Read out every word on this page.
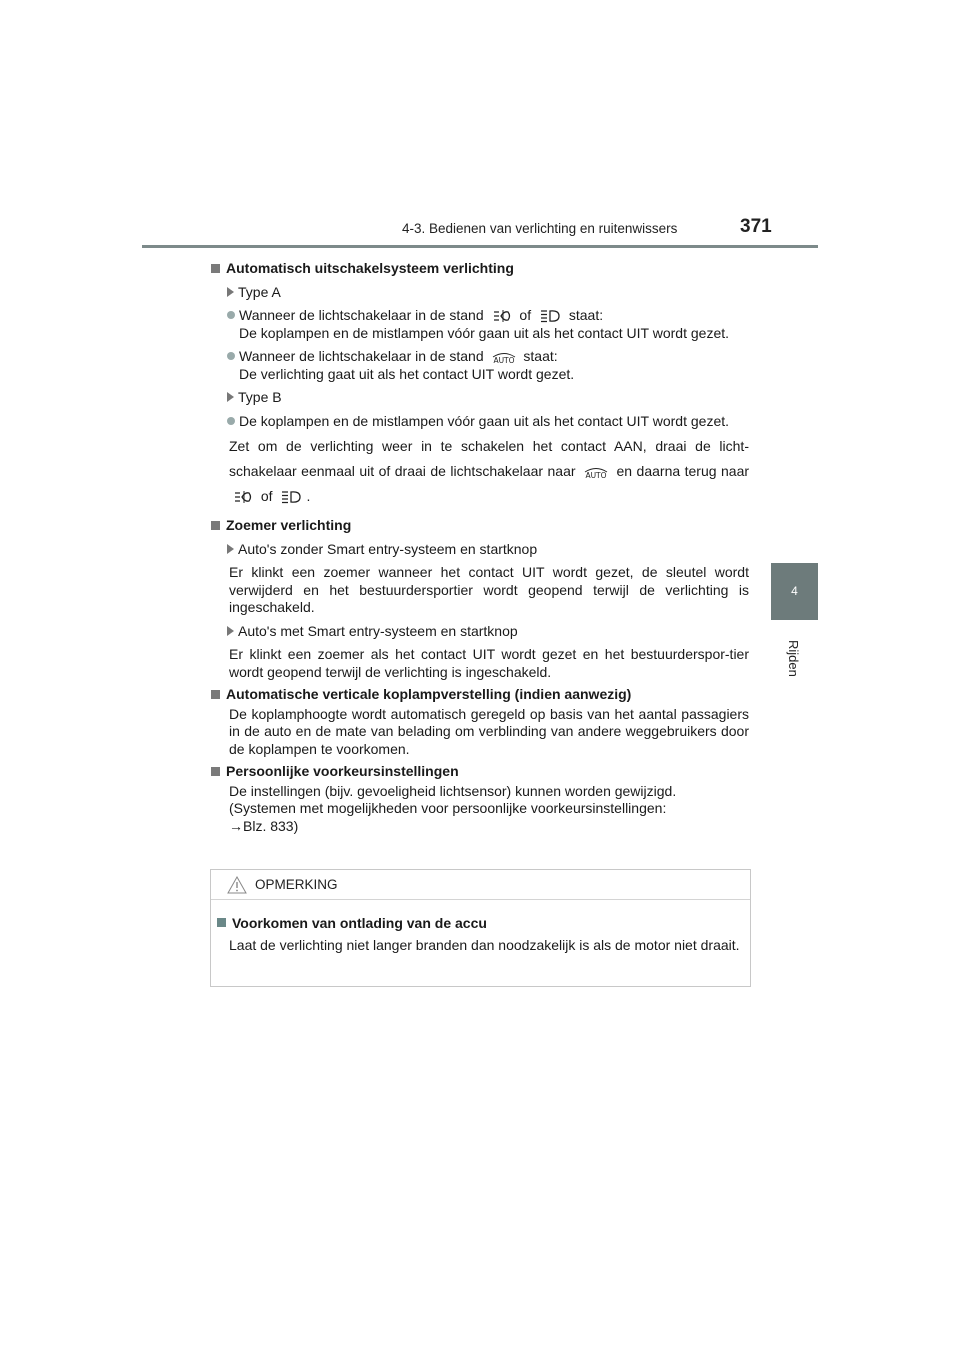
4-3. Bedienen van verlichting en ruitenwissers	371
4
Rijden
Automatisch uitschakelsysteem verlichting
Type A
Wanneer de lichtschakelaar in de stand	of	staat:
De koplampen en de mistlampen vóór gaan uit als het contact UIT wordt gezet.
Wanneer de lichtschakelaar in de stand AUTO staat:
De verlichting gaat uit als het contact UIT wordt gezet.
Type B
De koplampen en de mistlampen vóór gaan uit als het contact UIT wordt gezet.
Zet om de verlichting weer in te schakelen het contact AAN, draai de licht-schakelaar eenmaal uit of draai de lichtschakelaar naar AUTO en daarna terug naar  of .
Zoemer verlichting
Auto's zonder Smart entry-systeem en startknop
Er klinkt een zoemer wanneer het contact UIT wordt gezet, de sleutel wordt verwijderd en het bestuurdersportier wordt geopend terwijl de verlichting is ingeschakeld.
Auto's met Smart entry-systeem en startknop
Er klinkt een zoemer als het contact UIT wordt gezet en het bestuurderspor-tier wordt geopend terwijl de verlichting is ingeschakeld.
Automatische verticale koplampverstelling (indien aanwezig)
De koplamphoogte wordt automatisch geregeld op basis van het aantal passagiers in de auto en de mate van belading om verblinding van andere weggebruikers door de koplampen te voorkomen.
Persoonlijke voorkeursinstellingen
De instellingen (bijv. gevoeligheid lichtsensor) kunnen worden gewijzigd.
(Systemen met mogelijkheden voor persoonlijke voorkeursinstellingen:
→Blz. 833)
OPMERKING
Voorkomen van ontlading van de accu
Laat de verlichting niet langer branden dan noodzakelijk is als de motor niet draait.
